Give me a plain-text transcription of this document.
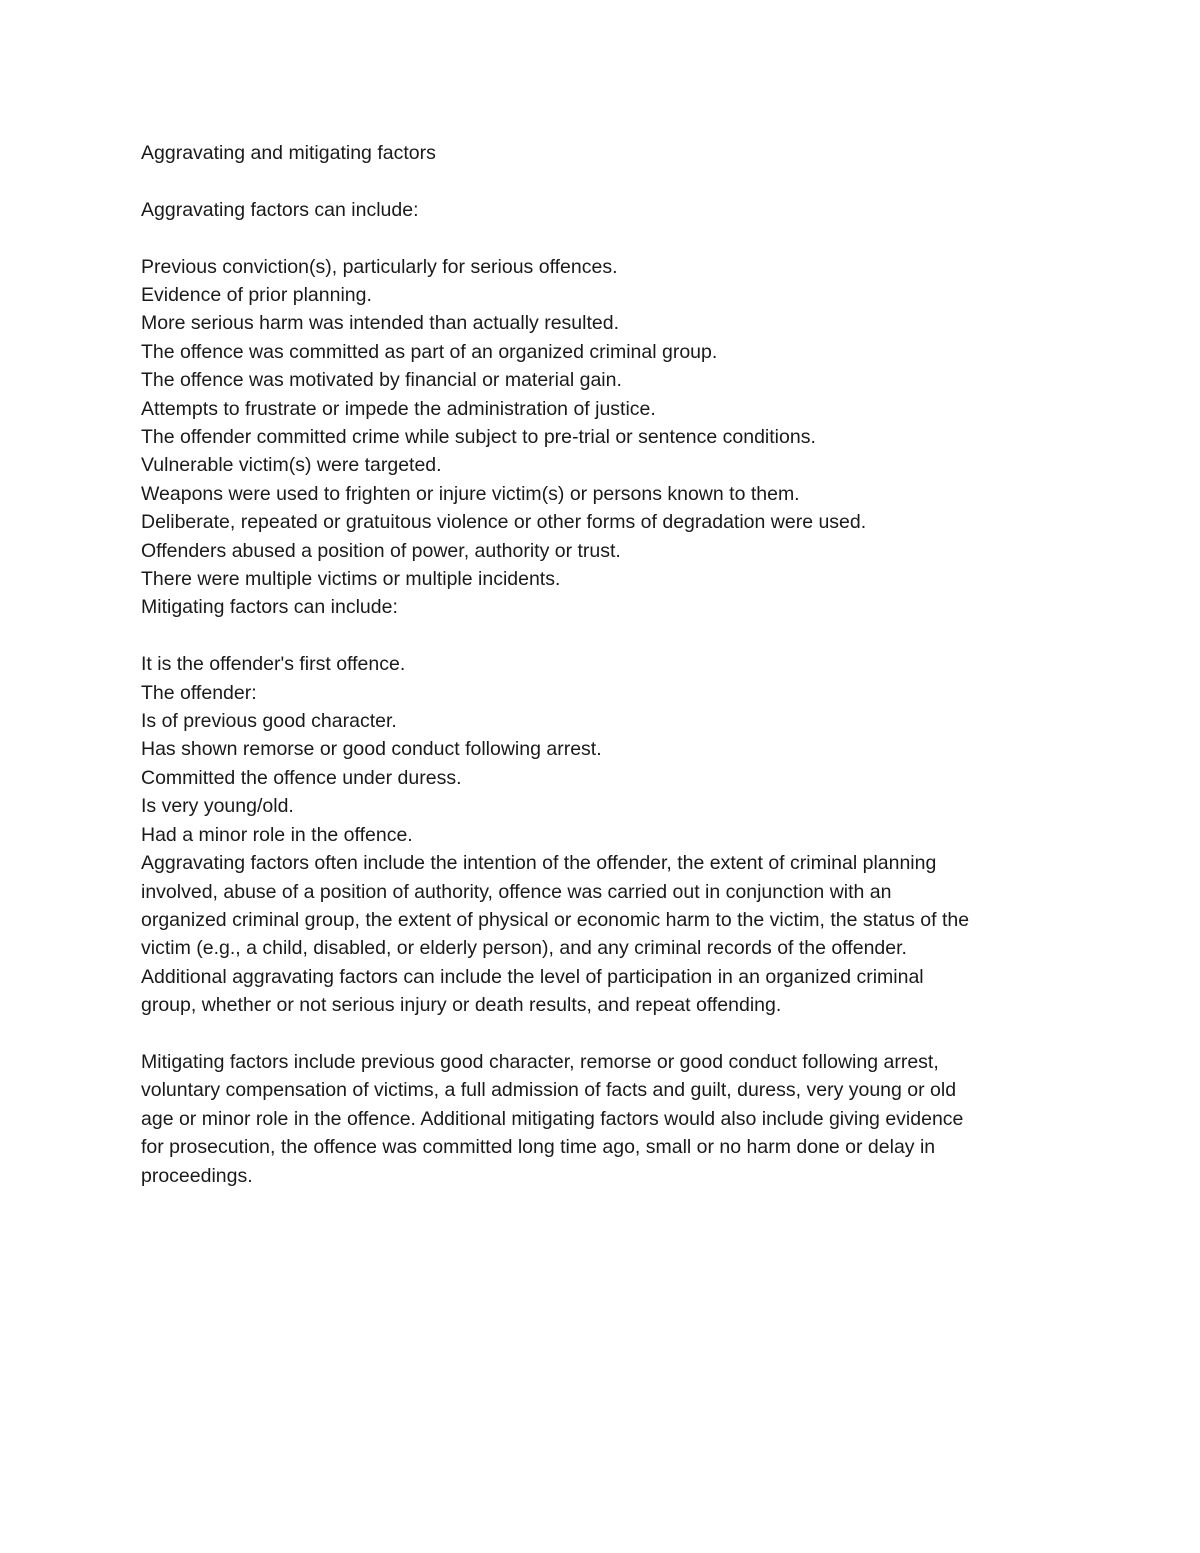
Aggravating and mitigating factors
Aggravating factors can include:
Previous conviction(s), particularly for serious offences.
Evidence of prior planning.
More serious harm was intended than actually resulted.
The offence was committed as part of an organized criminal group.
The offence was motivated by financial or material gain.
Attempts to frustrate or impede the administration of justice.
The offender committed crime while subject to pre-trial or sentence conditions.
Vulnerable victim(s) were targeted.
Weapons were used to frighten or injure victim(s) or persons known to them.
Deliberate, repeated or gratuitous violence or other forms of degradation were used.
Offenders abused a position of power, authority or trust.
There were multiple victims or multiple incidents.
Mitigating factors can include:
It is the offender's first offence.
The offender:
Is of previous good character.
Has shown remorse or good conduct following arrest.
Committed the offence under duress.
Is very young/old.
Had a minor role in the offence.
Aggravating factors often include the intention of the offender, the extent of criminal planning
involved, abuse of a position of authority, offence was carried out in conjunction with an
organized criminal group, the extent of physical or economic harm to the victim, the status of the
victim (e.g., a child, disabled, or elderly person), and any criminal records of the offender.
Additional aggravating factors can include the level of participation in an organized criminal
group, whether or not serious injury or death results, and repeat offending.
Mitigating factors include previous good character, remorse or good conduct following arrest,
voluntary compensation of victims, a full admission of facts and guilt, duress, very young or old
age or minor role in the offence. Additional mitigating factors would also include giving evidence
for prosecution, the offence was committed long time ago, small or no harm done or delay in
proceedings.
